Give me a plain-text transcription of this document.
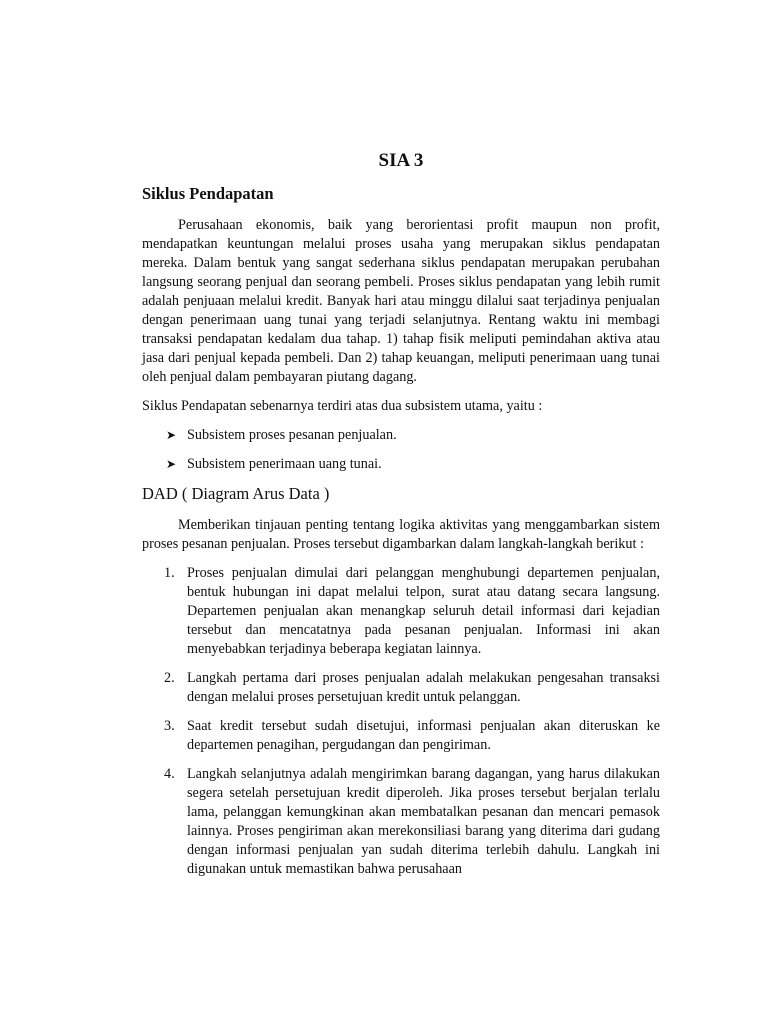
SIA 3
Siklus Pendapatan

Perusahaan ekonomis, baik yang berorientasi profit maupun non profit, mendapatkan keuntungan melalui proses usaha yang merupakan siklus pendapatan mereka. Dalam bentuk yang sangat sederhana siklus pendapatan merupakan perubahan langsung seorang penjual dan seorang pembeli. Proses siklus pendapatan yang lebih rumit adalah penjuaan melalui kredit. Banyak hari atau minggu dilalui saat terjadinya penjualan dengan penerimaan uang tunai yang terjadi selanjutnya. Rentang waktu ini membagi transaksi pendapatan kedalam dua tahap. 1) tahap fisik meliputi pemindahan aktiva atau jasa dari penjual kepada pembeli. Dan 2) tahap keuangan, meliputi penerimaan uang tunai oleh penjual dalam pembayaran piutang dagang.

Siklus Pendapatan sebenarnya terdiri atas dua subsistem utama, yaitu :

➤ Subsistem proses pesanan penjualan.
➤ Subsistem penerimaan uang tunai.
DAD ( Diagram Arus Data )

Memberikan tinjauan penting tentang logika aktivitas yang menggambarkan sistem proses pesanan penjualan. Proses tersebut digambarkan dalam langkah-langkah berikut :

1. Proses penjualan dimulai dari pelanggan menghubungi departemen penjualan, bentuk hubungan ini dapat melalui telpon, surat atau datang secara langsung. Departemen penjualan akan menangkap seluruh detail informasi dari kejadian tersebut dan mencatatnya pada pesanan penjualan. Informasi ini akan menyebabkan terjadinya beberapa kegiatan lainnya.
2. Langkah pertama dari proses penjualan adalah melakukan pengesahan transaksi dengan melalui proses persetujuan kredit untuk pelanggan.
3. Saat kredit tersebut sudah disetujui, informasi penjualan akan diteruskan ke departemen penagihan, pergudangan dan pengiriman.
4. Langkah selanjutnya adalah mengirimkan barang dagangan, yang harus dilakukan segera setelah persetujuan kredit diperoleh. Jika proses tersebut berjalan terlalu lama, pelanggan kemungkinan akan membatalkan pesanan dan mencari pemasok lainnya. Proses pengiriman akan merekonsiliasi barang yang diterima dari gudang dengan informasi penjualan yan sudah diterima terlebih dahulu. Langkah ini digunakan untuk memastikan bahwa perusahaan
